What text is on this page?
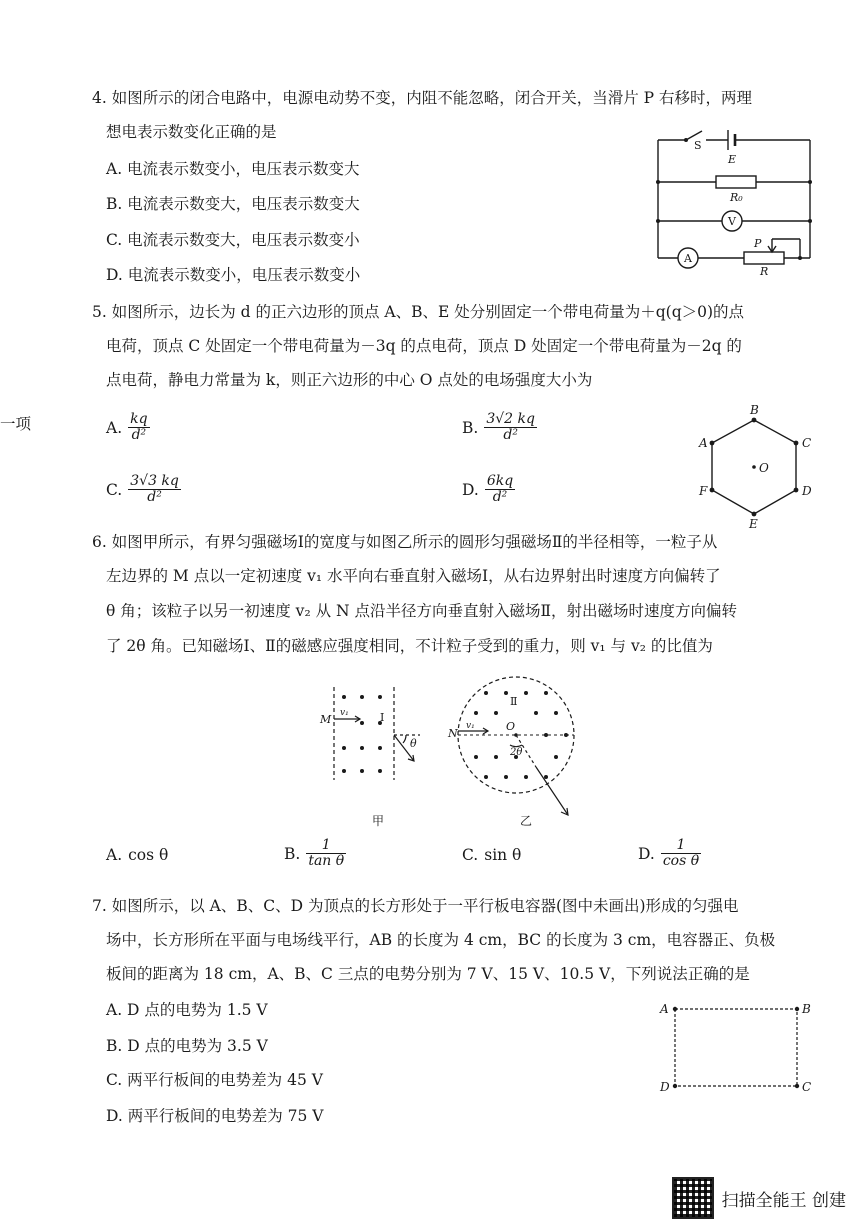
一项
4. 如图所示的闭合电路中，电源电动势不变，内阻不能忽略，闭合开关，当滑片 P 右移时，两理
想电表示数变化正确的是
A. 电流表示数变小，电压表示数变大
B. 电流表示数变大，电压表示数变大
C. 电流表示数变大，电压表示数变小
D. 电流表示数变小，电压表示数变小
S
E
R₀
V
A
P
R
5. 如图所示，边长为 d 的正六边形的顶点 A、B、E 处分别固定一个带电荷量为＋q(q＞0)的点
电荷，顶点 C 处固定一个带电荷量为－3q 的点电荷，顶点 D 处固定一个带电荷量为－2q 的
点电荷，静电力常量为 k，则正六边形的中心 O 点处的电场强度大小为
A. $\frac{kq}{\text{d²}}$	B. $\frac{3√2 kq}{\text{d²}}$
C. $\frac{3√3 kq}{\text{d²}}$	D. $\frac{6kq}{\text{d²}}$
B
C
D
E
F
A
O
6. 如图甲所示，有界匀强磁场Ⅰ的宽度与如图乙所示的圆形匀强磁场Ⅱ的半径相等，一粒子从
左边界的 M 点以一定初速度 v₁ 水平向右垂直射入磁场Ⅰ，从右边界射出时速度方向偏转了
θ 角；该粒子以另一初速度 v₂ 从 N 点沿半径方向垂直射入磁场Ⅱ，射出磁场时速度方向偏转
了 2θ 角。已知磁场Ⅰ、Ⅱ的磁感应强度相同，不计粒子受到的重力，则 v₁ 与 v₂ 的比值为
M v₁	Ⅰ
θ
甲
N
v₁
Ⅱ
O
2θ
乙
A. cos θ	B. $\frac{1}{\text{tan θ}}$	C. sin θ	D. $\frac{1}{\text{cos θ}}$
7. 如图所示，以 A、B、C、D 为顶点的长方形处于一平行板电容器(图中未画出)形成的匀强电
场中，长方形所在平面与电场线平行，AB 的长度为 4 cm，BC 的长度为 3 cm，电容器正、负极
板间的距离为 18 cm，A、B、C 三点的电势分别为 7 V、15 V、10.5 V，下列说法正确的是
A. D 点的电势为 1.5 V
B. D 点的电势为 3.5 V
C. 两平行板间的电势差为 45 V
D. 两平行板间的电势差为 75 V
A	B
C
D
扫描全能王 创建
